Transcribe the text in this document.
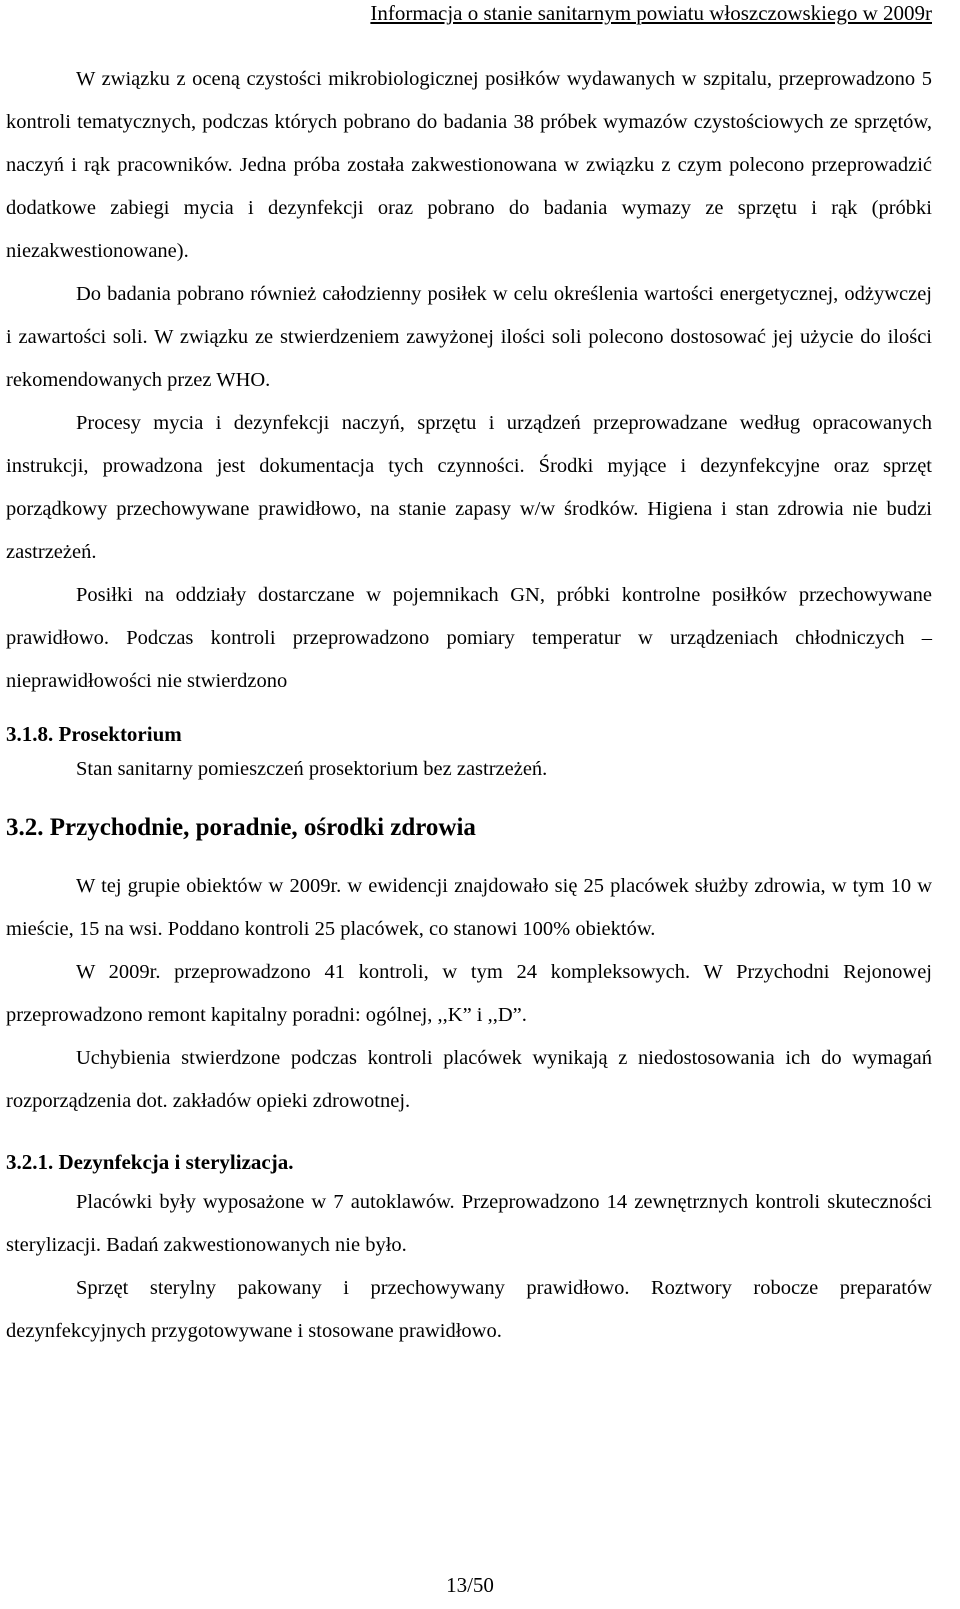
Informacja o stanie sanitarnym powiatu włoszczowskiego w 2009r

W związku z oceną czystości mikrobiologicznej posiłków wydawanych w szpitalu, przeprowadzono 5 kontroli tematycznych, podczas których pobrano do badania 38 próbek wymazów czystościowych ze sprzętów, naczyń i rąk pracowników. Jedna próba została zakwestionowana w związku z czym polecono przeprowadzić dodatkowe zabiegi mycia i dezynfekcji oraz pobrano do badania wymazy ze sprzętu i rąk (próbki niezakwestionowane).

Do badania pobrano również całodzienny posiłek w celu określenia wartości energetycznej, odżywczej i zawartości soli. W związku ze stwierdzeniem zawyżonej ilości soli polecono dostosować jej użycie do ilości rekomendowanych przez WHO.

Procesy mycia i dezynfekcji naczyń, sprzętu i urządzeń przeprowadzane według opracowanych instrukcji, prowadzona jest dokumentacja tych czynności. Środki myjące i dezynfekcyjne oraz sprzęt porządkowy przechowywane prawidłowo, na stanie zapasy w/w środków. Higiena i stan zdrowia nie budzi zastrzeżeń.

Posiłki na oddziały dostarczane w pojemnikach GN, próbki kontrolne posiłków przechowywane prawidłowo. Podczas kontroli przeprowadzono pomiary temperatur w urządzeniach chłodniczych – nieprawidłowości nie stwierdzono

3.1.8. Prosektorium

Stan sanitarny pomieszczeń prosektorium bez zastrzeżeń.

3.2. Przychodnie, poradnie, ośrodki zdrowia

W tej grupie obiektów w 2009r. w ewidencji znajdowało się 25 placówek służby zdrowia, w tym 10 w mieście, 15 na wsi. Poddano kontroli 25 placówek, co stanowi 100% obiektów.

W 2009r. przeprowadzono 41 kontroli, w tym 24 kompleksowych. W Przychodni Rejonowej przeprowadzono remont kapitalny poradni: ogólnej, ,,K” i ,,D”.

Uchybienia stwierdzone podczas kontroli placówek wynikają z niedostosowania ich do wymagań rozporządzenia dot. zakładów opieki zdrowotnej.

3.2.1. Dezynfekcja i sterylizacja.

Placówki były wyposażone w 7 autoklawów. Przeprowadzono 14 zewnętrznych kontroli skuteczności sterylizacji. Badań zakwestionowanych nie było.

Sprzęt sterylny pakowany i przechowywany prawidłowo. Roztwory robocze preparatów dezynfekcyjnych przygotowywane i stosowane prawidłowo.

13/50
